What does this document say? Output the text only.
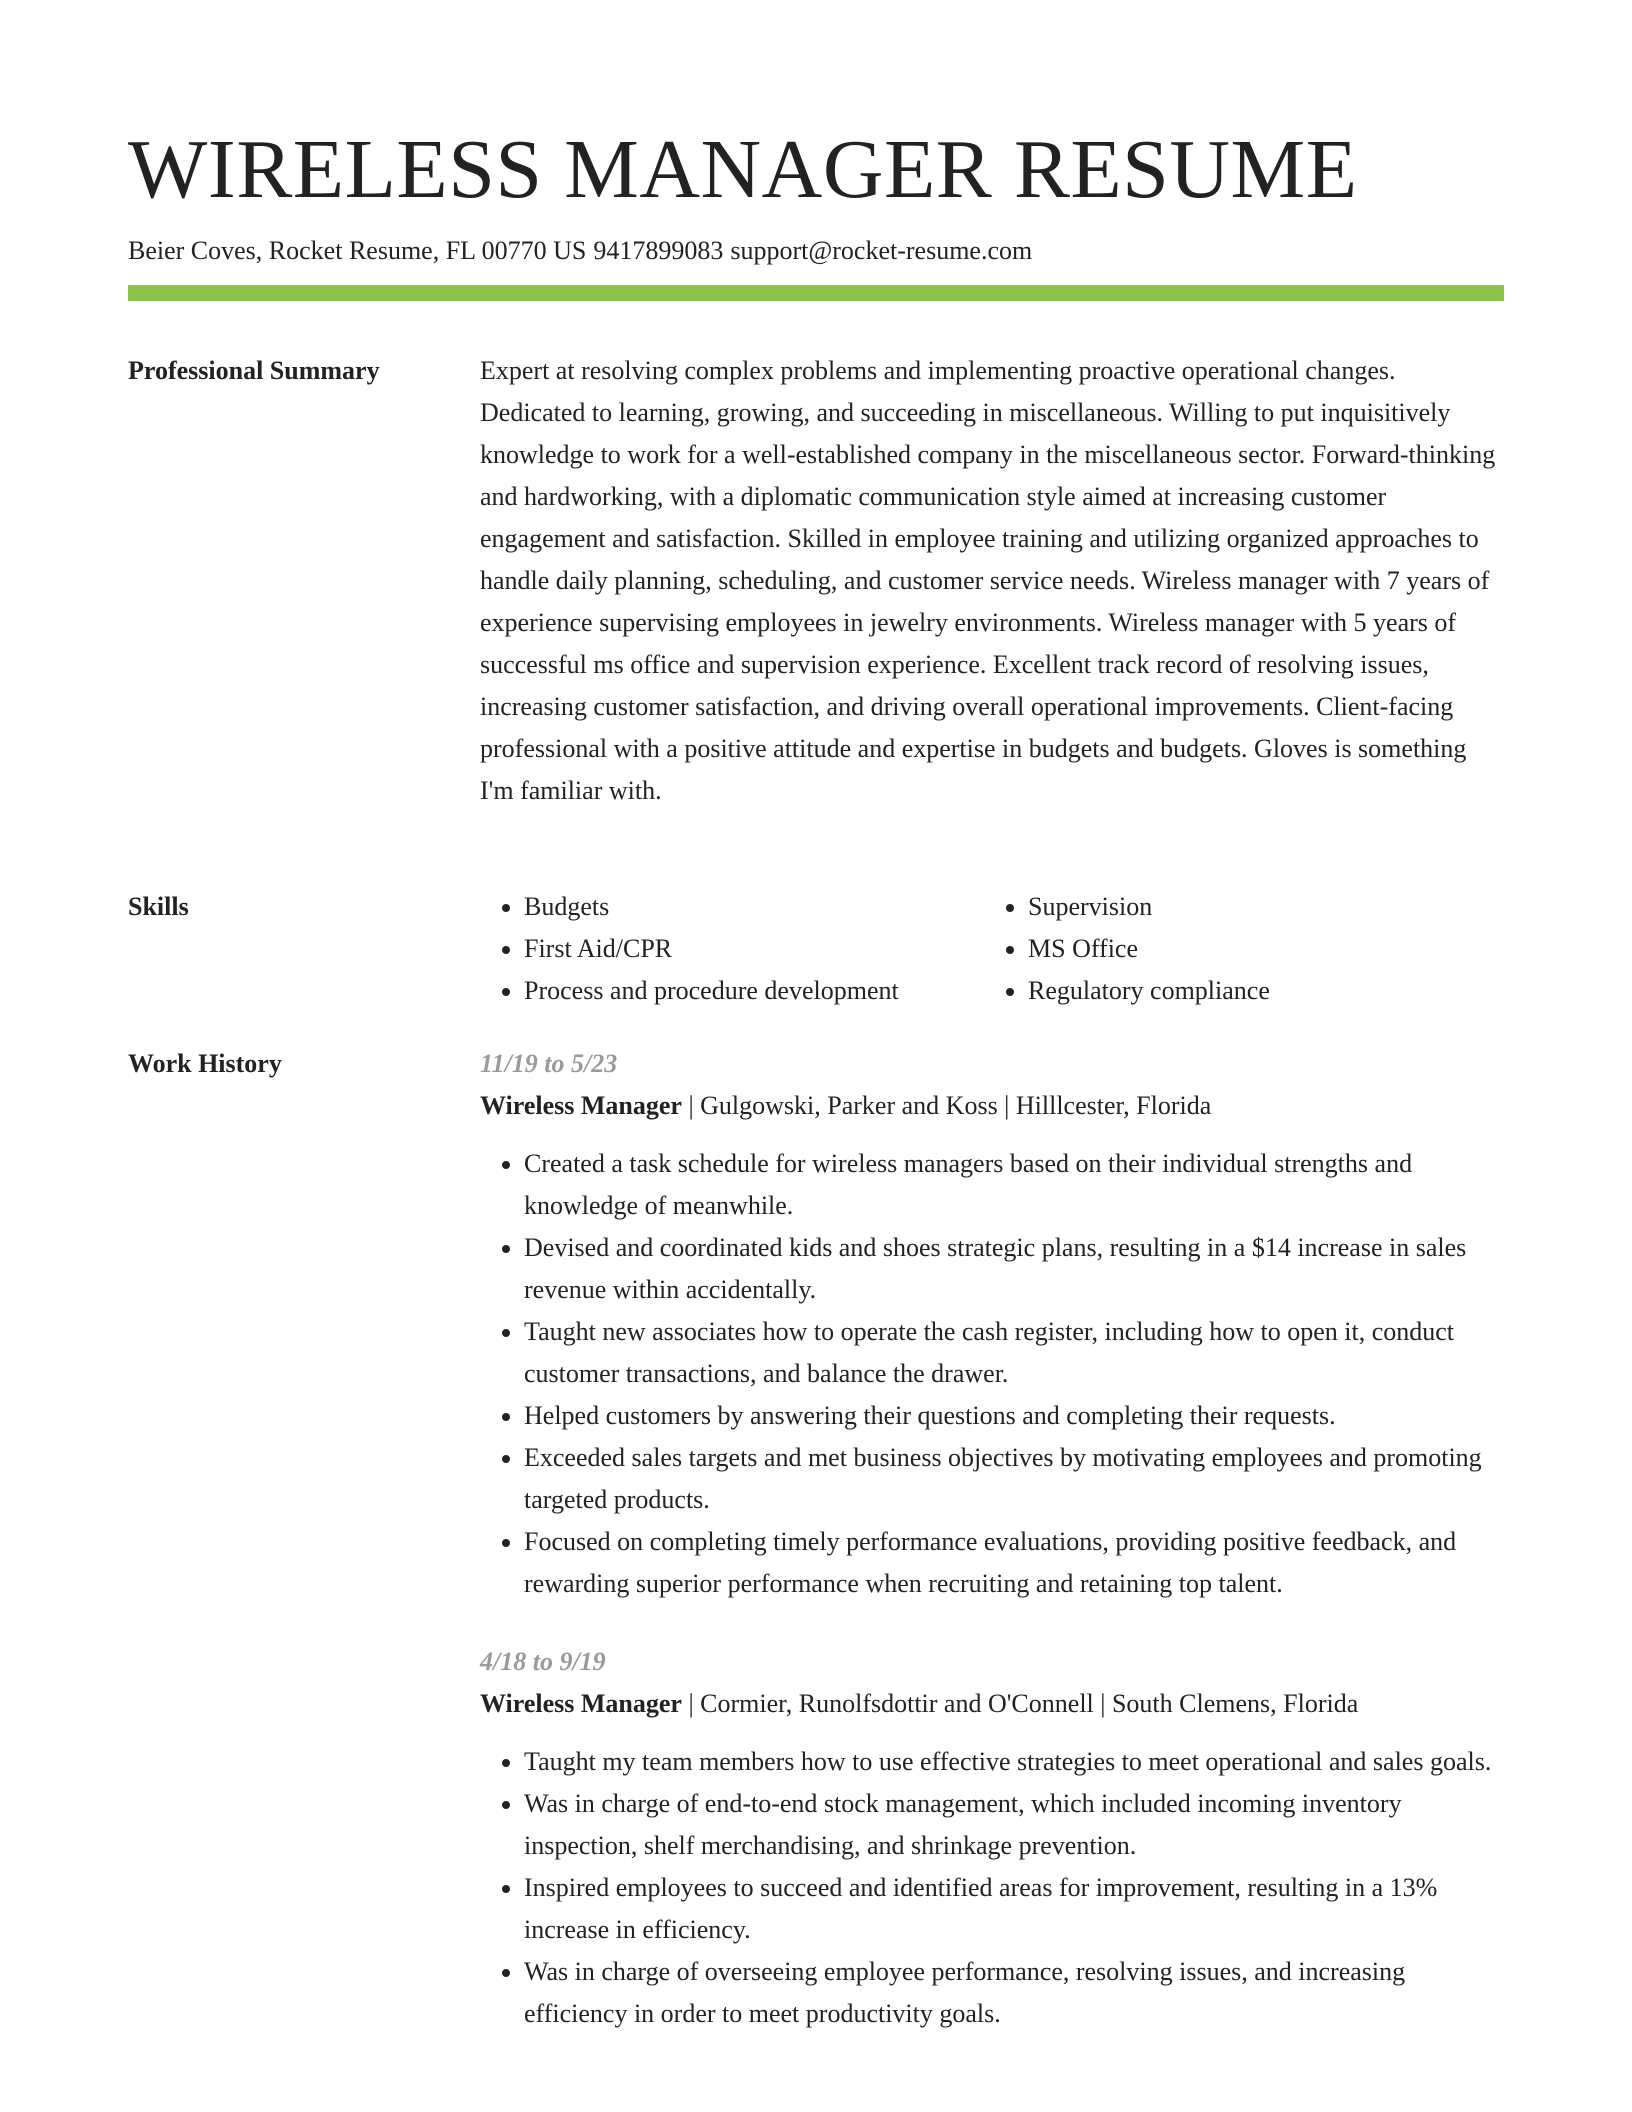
WIRELESS MANAGER RESUME
Beier Coves, Rocket Resume, FL 00770 US 9417899083 support@rocket-resume.com
Professional Summary	Expert at resolving complex problems and implementing proactive operational changes. Dedicated to learning, growing, and succeeding in miscellaneous. Willing to put inquisitively knowledge to work for a well-established company in the miscellaneous sector. Forward-thinking and hardworking, with a diplomatic communication style aimed at increasing customer engagement and satisfaction. Skilled in employee training and utilizing organized approaches to handle daily planning, scheduling, and customer service needs. Wireless manager with 7 years of experience supervising employees in jewelry environments. Wireless manager with 5 years of successful ms office and supervision experience. Excellent track record of resolving issues, increasing customer satisfaction, and driving overall operational improvements. Client-facing professional with a positive attitude and expertise in budgets and budgets. Gloves is something I'm familiar with.

Skills
•	Budgets
• First Aid/CPR
• Process and procedure development
• Supervision
• MS Office
• Regulatory compliance
Work History	11/19 to 5/23
Wireless Manager | Gulgowski, Parker and Koss | Hilllcester, Florida
• Created a task schedule for wireless managers based on their individual strengths and knowledge of meanwhile.
• Devised and coordinated kids and shoes strategic plans, resulting in a $14 increase in sales revenue within accidentally.
• Taught new associates how to operate the cash register, including how to open it, conduct customer transactions, and balance the drawer.
• Helped customers by answering their questions and completing their requests.
• Exceeded sales targets and met business objectives by motivating employees and promoting targeted products.
• Focused on completing timely performance evaluations, providing positive feedback, and rewarding superior performance when recruiting and retaining top talent.
4/18 to 9/19
Wireless Manager | Cormier, Runolfsdottir and O'Connell | South Clemens, Florida
• Taught my team members how to use effective strategies to meet operational and sales goals.
• Was in charge of end-to-end stock management, which included incoming inventory inspection, shelf merchandising, and shrinkage prevention.
• Inspired employees to succeed and identified areas for improvement, resulting in a 13% increase in efficiency.
• Was in charge of overseeing employee performance, resolving issues, and increasing efficiency in order to meet productivity goals.
